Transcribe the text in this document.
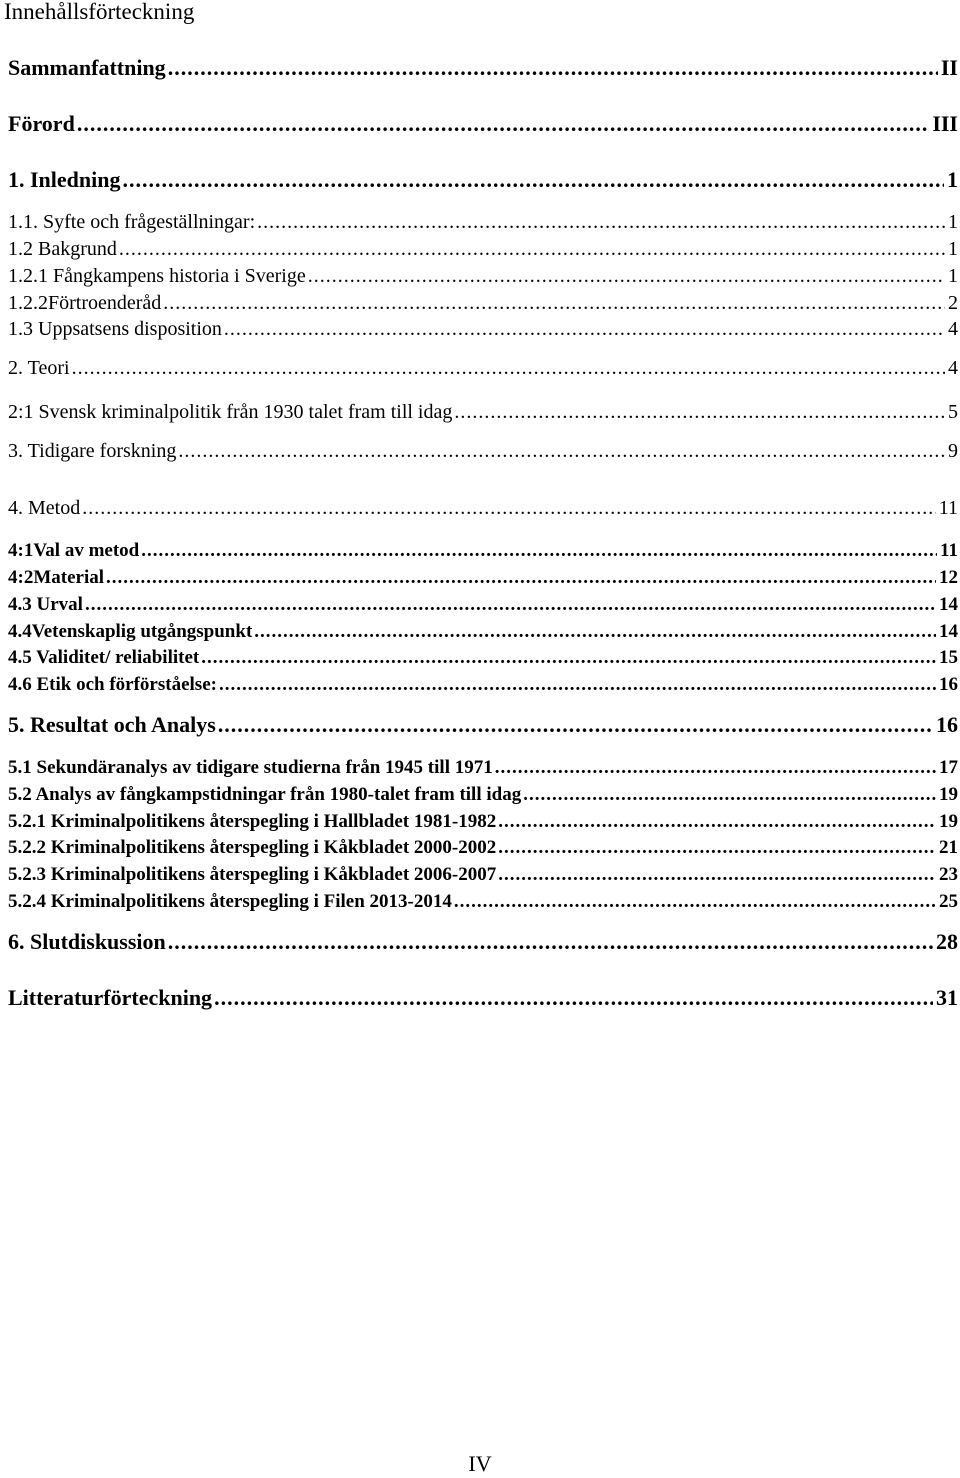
Innehållsförteckning
Sammanfattning .....	II
Förord .....	III
1. Inledning .....	1
1.1. Syfte och frågeställningar: .....	1
1.2 Bakgrund .....	1
1.2.1 Fångkampens historia i Sverige .....	1
1.2.2Förtroenderåd .....	2
1.3 Uppsatsens disposition .....	4
2. Teori .....	4
2:1 Svensk kriminalpolitik från 1930 talet fram till idag .....	5
3. Tidigare forskning .....	9
4. Metod .....	11
4:1Val av metod .....	11
4:2Material .....	12
4.3 Urval .....	14
4.4Vetenskaplig utgångspunkt .....	14
4.5 Validitet/ reliabilitet .....	15
4.6 Etik och förförståelse: .....	16
5. Resultat och Analys .....	16
5.1 Sekundäranalys av tidigare studierna från 1945 till 1971 .....	17
5.2 Analys av fångkampstidningar från 1980-talet fram till idag .....	19
5.2.1 Kriminalpolitikens återspegling i Hallbladet 1981-1982 .....	19
5.2.2 Kriminalpolitikens återspegling i Kåkbladet 2000-2002 .....	21
5.2.3 Kriminalpolitikens återspegling i Kåkbladet 2006-2007 .....	23
5.2.4 Kriminalpolitikens återspegling i Filen 2013-2014 .....	25
6. Slutdiskussion .....	28
Litteraturförteckning .....	31
IV
